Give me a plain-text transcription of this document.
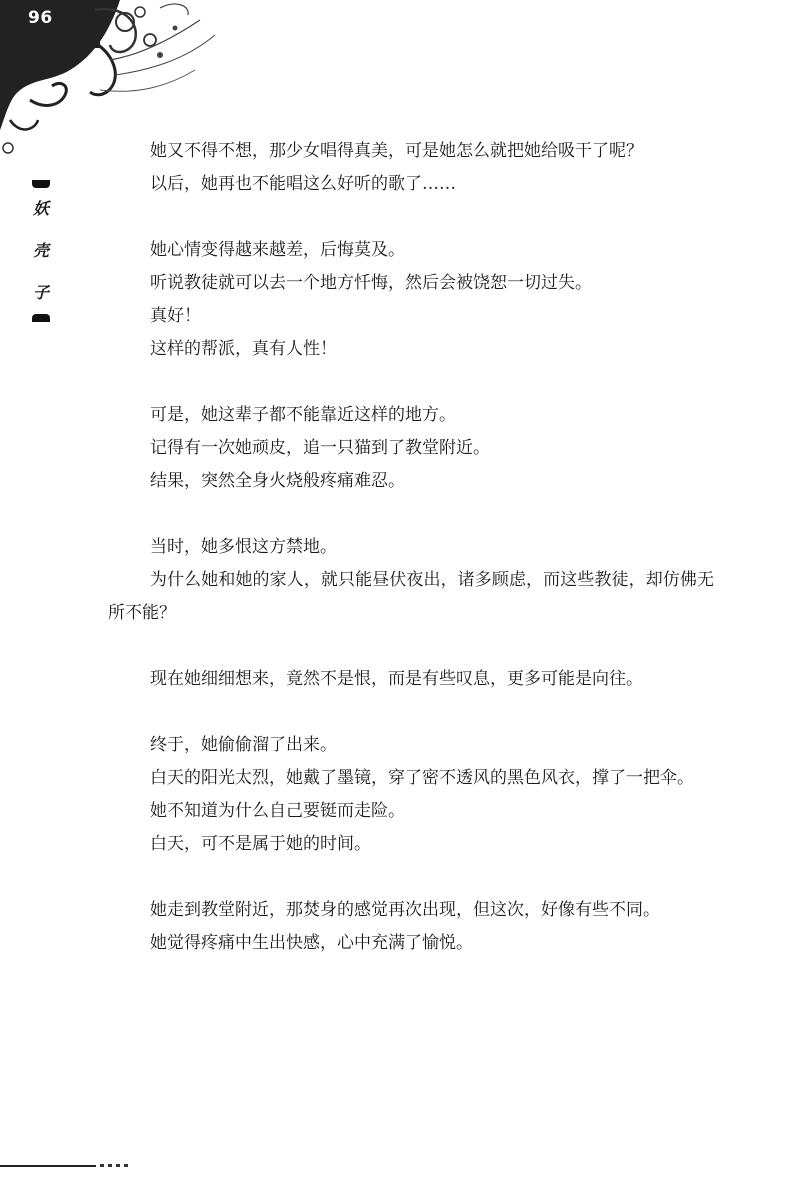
96
妖
壳
子

她又不得不想，那少女唱得真美，可是她怎么就把她给吸干了呢？

以后，她再也不能唱这么好听的歌了……

她心情变得越来越差，后悔莫及。

听说教徒就可以去一个地方忏悔，然后会被饶恕一切过失。

真好！

这样的帮派，真有人性！

可是，她这辈子都不能靠近这样的地方。

记得有一次她顽皮，追一只猫到了教堂附近。

结果，突然全身火烧般疼痛难忍。

当时，她多恨这方禁地。

为什么她和她的家人，就只能昼伏夜出，诸多顾虑，而这些教徒，却仿佛无所不能？

现在她细细想来，竟然不是恨，而是有些叹息，更多可能是向往。

终于，她偷偷溜了出来。

白天的阳光太烈，她戴了墨镜，穿了密不透风的黑色风衣，撑了一把伞。

她不知道为什么自己要铤而走险。

白天，可不是属于她的时间。

她走到教堂附近，那焚身的感觉再次出现，但这次，好像有些不同。

她觉得疼痛中生出快感，心中充满了愉悦。
